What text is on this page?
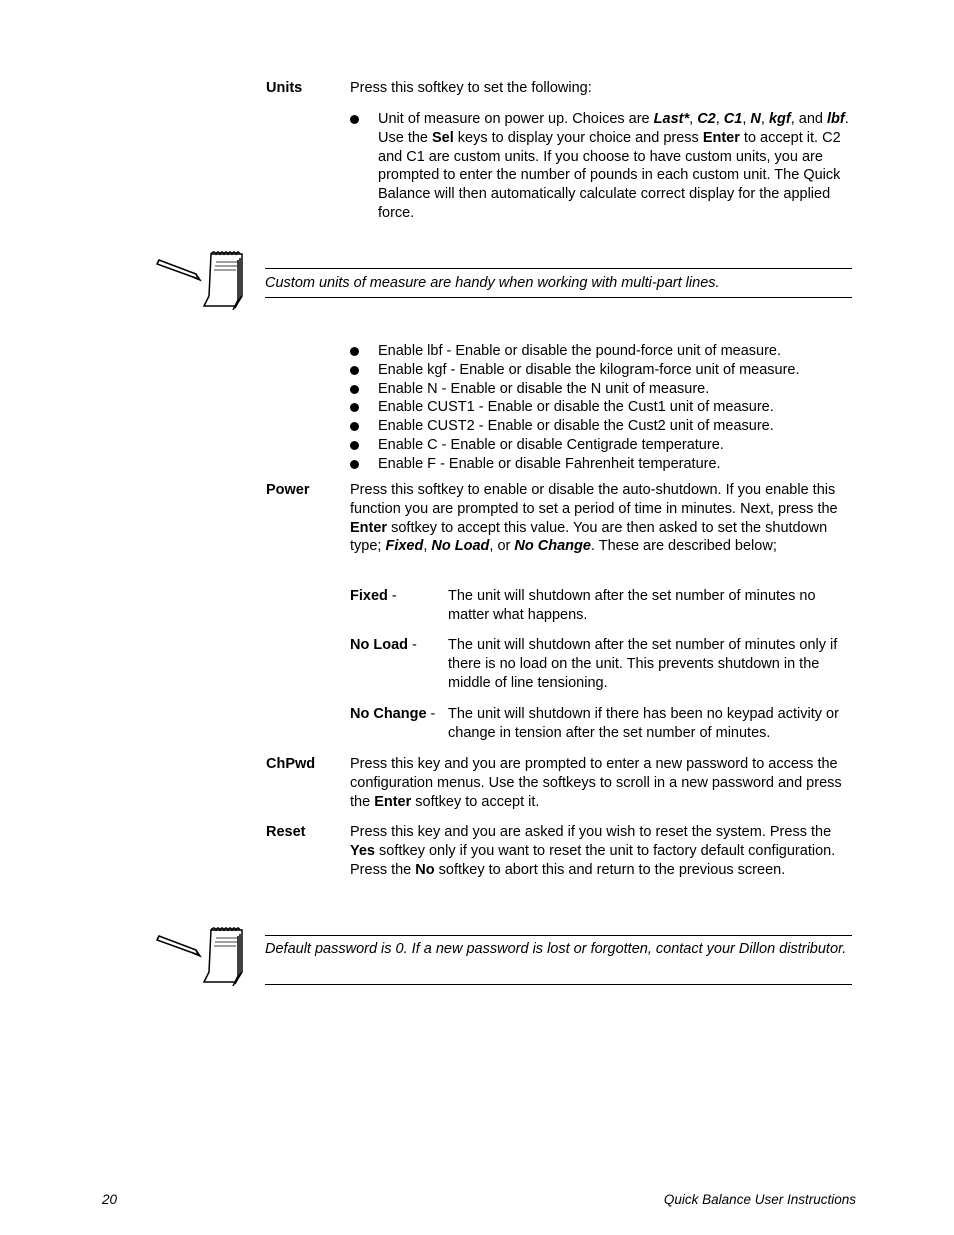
Units	Press this softkey to set the following:
Unit of measure on power up. Choices are Last*, C2, C1, N, kgf, and lbf. Use the Sel keys to display your choice and press Enter to accept it. C2 and C1 are custom units. If you choose to have custom units, you are prompted to enter the number of pounds in each custom unit. The Quick Balance will then automatically calculate correct display for the applied force.
Custom units of measure are handy when working with multi-part lines.
Enable lbf - Enable or disable the pound-force unit of measure.
Enable kgf - Enable or disable the kilogram-force unit of measure.
Enable N - Enable or disable the N unit of measure.
Enable CUST1 - Enable or disable the Cust1 unit of measure.
Enable CUST2 - Enable or disable the Cust2 unit of measure.
Enable C - Enable or disable Centigrade temperature.
Enable F - Enable or disable Fahrenheit temperature.
Power	Press this softkey to enable or disable the auto-shutdown. If you enable this function you are prompted to set a period of time in minutes. Next, press the Enter softkey to accept this value. You are then asked to set the shutdown type; Fixed, No Load, or No Change. These are described below;
Fixed -	The unit will shutdown after the set number of minutes no matter what happens.
No Load - The unit will shutdown after the set number of minutes only if there is no load on the unit. This prevents shutdown in the middle of line tensioning.
No Change - The unit will shutdown if there has been no keypad activity or change in tension after the set number of minutes.
ChPwd Press this key and you are prompted to enter a new password to access the configuration menus. Use the softkeys to scroll in a new password and press the Enter softkey to accept it.
Reset	Press this key and you are asked if you wish to reset the system. Press the Yes softkey only if you want to reset the unit to factory default configuration. Press the No softkey to abort this and return to the previous screen.
Default password is 0. If a new password is lost or forgotten, contact your Dillon distributor.
20	Quick Balance User Instructions
